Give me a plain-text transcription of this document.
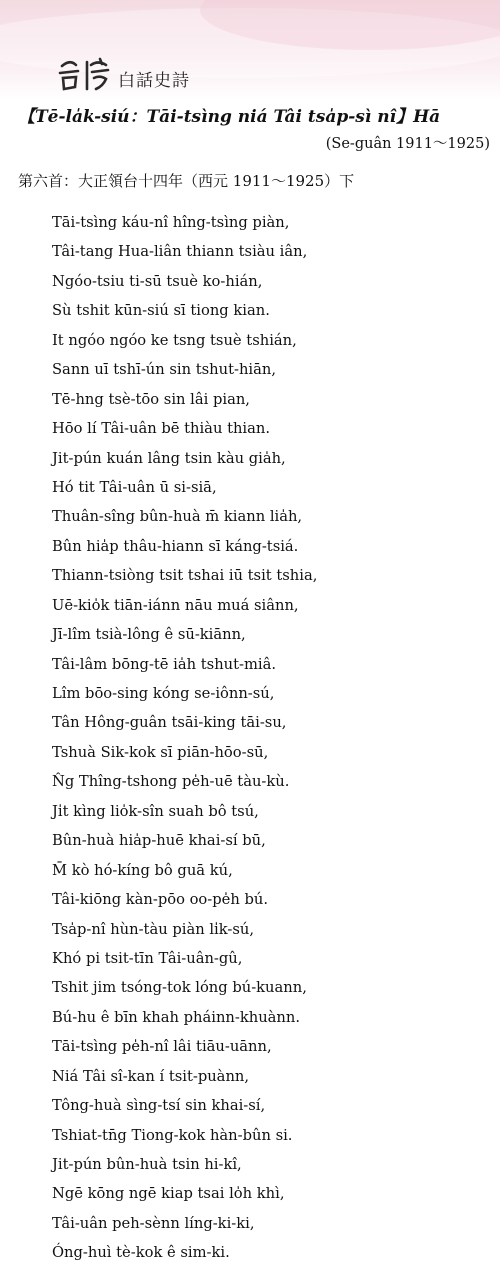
白話史詩
【Tē-la̍k-siú：Tāi-tsìng niá Tâi tsa̍p-sì nî】Hā
(Se-guân 1911～1925)
第六首：大正領台十四年（西元 1911～1925）下
Tāi-tsìng káu-nî hîng-tsìng piàn,
Tâi-tang Hua-liân thiann tsiàu iân,
Ngóo-tsiu ti-sū tsuè ko-hián,
Sù tshit kūn-siú sī tiong kian.
It ngóo ngóo ke tsng tsuè tshián,
Sann uī tshī-ún sin tshut-hiān,
Tē-hng tsè-tōo sin lâi pian,
Hōo lí Tâi-uân bē thiàu thian.
Jit-pún kuán lâng tsin kàu gia̍h,
Hó tit Tâi-uân ū si-siā,
Thuân-sîng bûn-huà m̄ kiann lia̍h,
Bûn hia̍p thâu-hiann sī káng-tsiá.
Thiann-tsiòng tsit tshai iū tsit tshia,
Uē-kio̍k tiān-iánn nāu muá siânn,
Jī-lîm tsià-lông ê sū-kiānn,
Tâi-lâm bōng-tē ia̍h tshut-miâ.
Lîm bōo-sing kóng se-iônn-sú,
Tân Hông-guân tsāi-king tāi-su,
Tshuà Sik-kok sī piān-hōo-sū,
N̂g Thîng-tshong pe̍h-uē tàu-kù.
Ji̍t kìng lio̍k-sîn suah bô tsú,
Bûn-huà hia̍p-huē khai-sí bū,
M̄ kò hó-kíng bô guā kú,
Tâi-kiōng kàn-pōo oo-pe̍h bú.
Tsa̍p-nî hùn-tàu piàn li̍k-sú,
Khó pi tsit-tīn Tâi-uân-gû,
Tshit jim tsóng-tok lóng bú-kuann,
Bú-hu ê bīn khah pháinn-khuànn.
Tāi-tsìng pe̍h-nî lâi tiāu-uānn,
Niá Tâi sî-kan í tsit-puànn,
Tông-huà sìng-tsí sin khai-sí,
Tshiat-tn̄g Tiong-kok hàn-bûn si.
Jit-pún bûn-huà tsin hi-kî,
Ngē kōng ngē kiap tsai lo̍h khì,
Tâi-uân peh-sènn líng-ki-ki,
Óng-huì tè-kok ê sim-ki.
